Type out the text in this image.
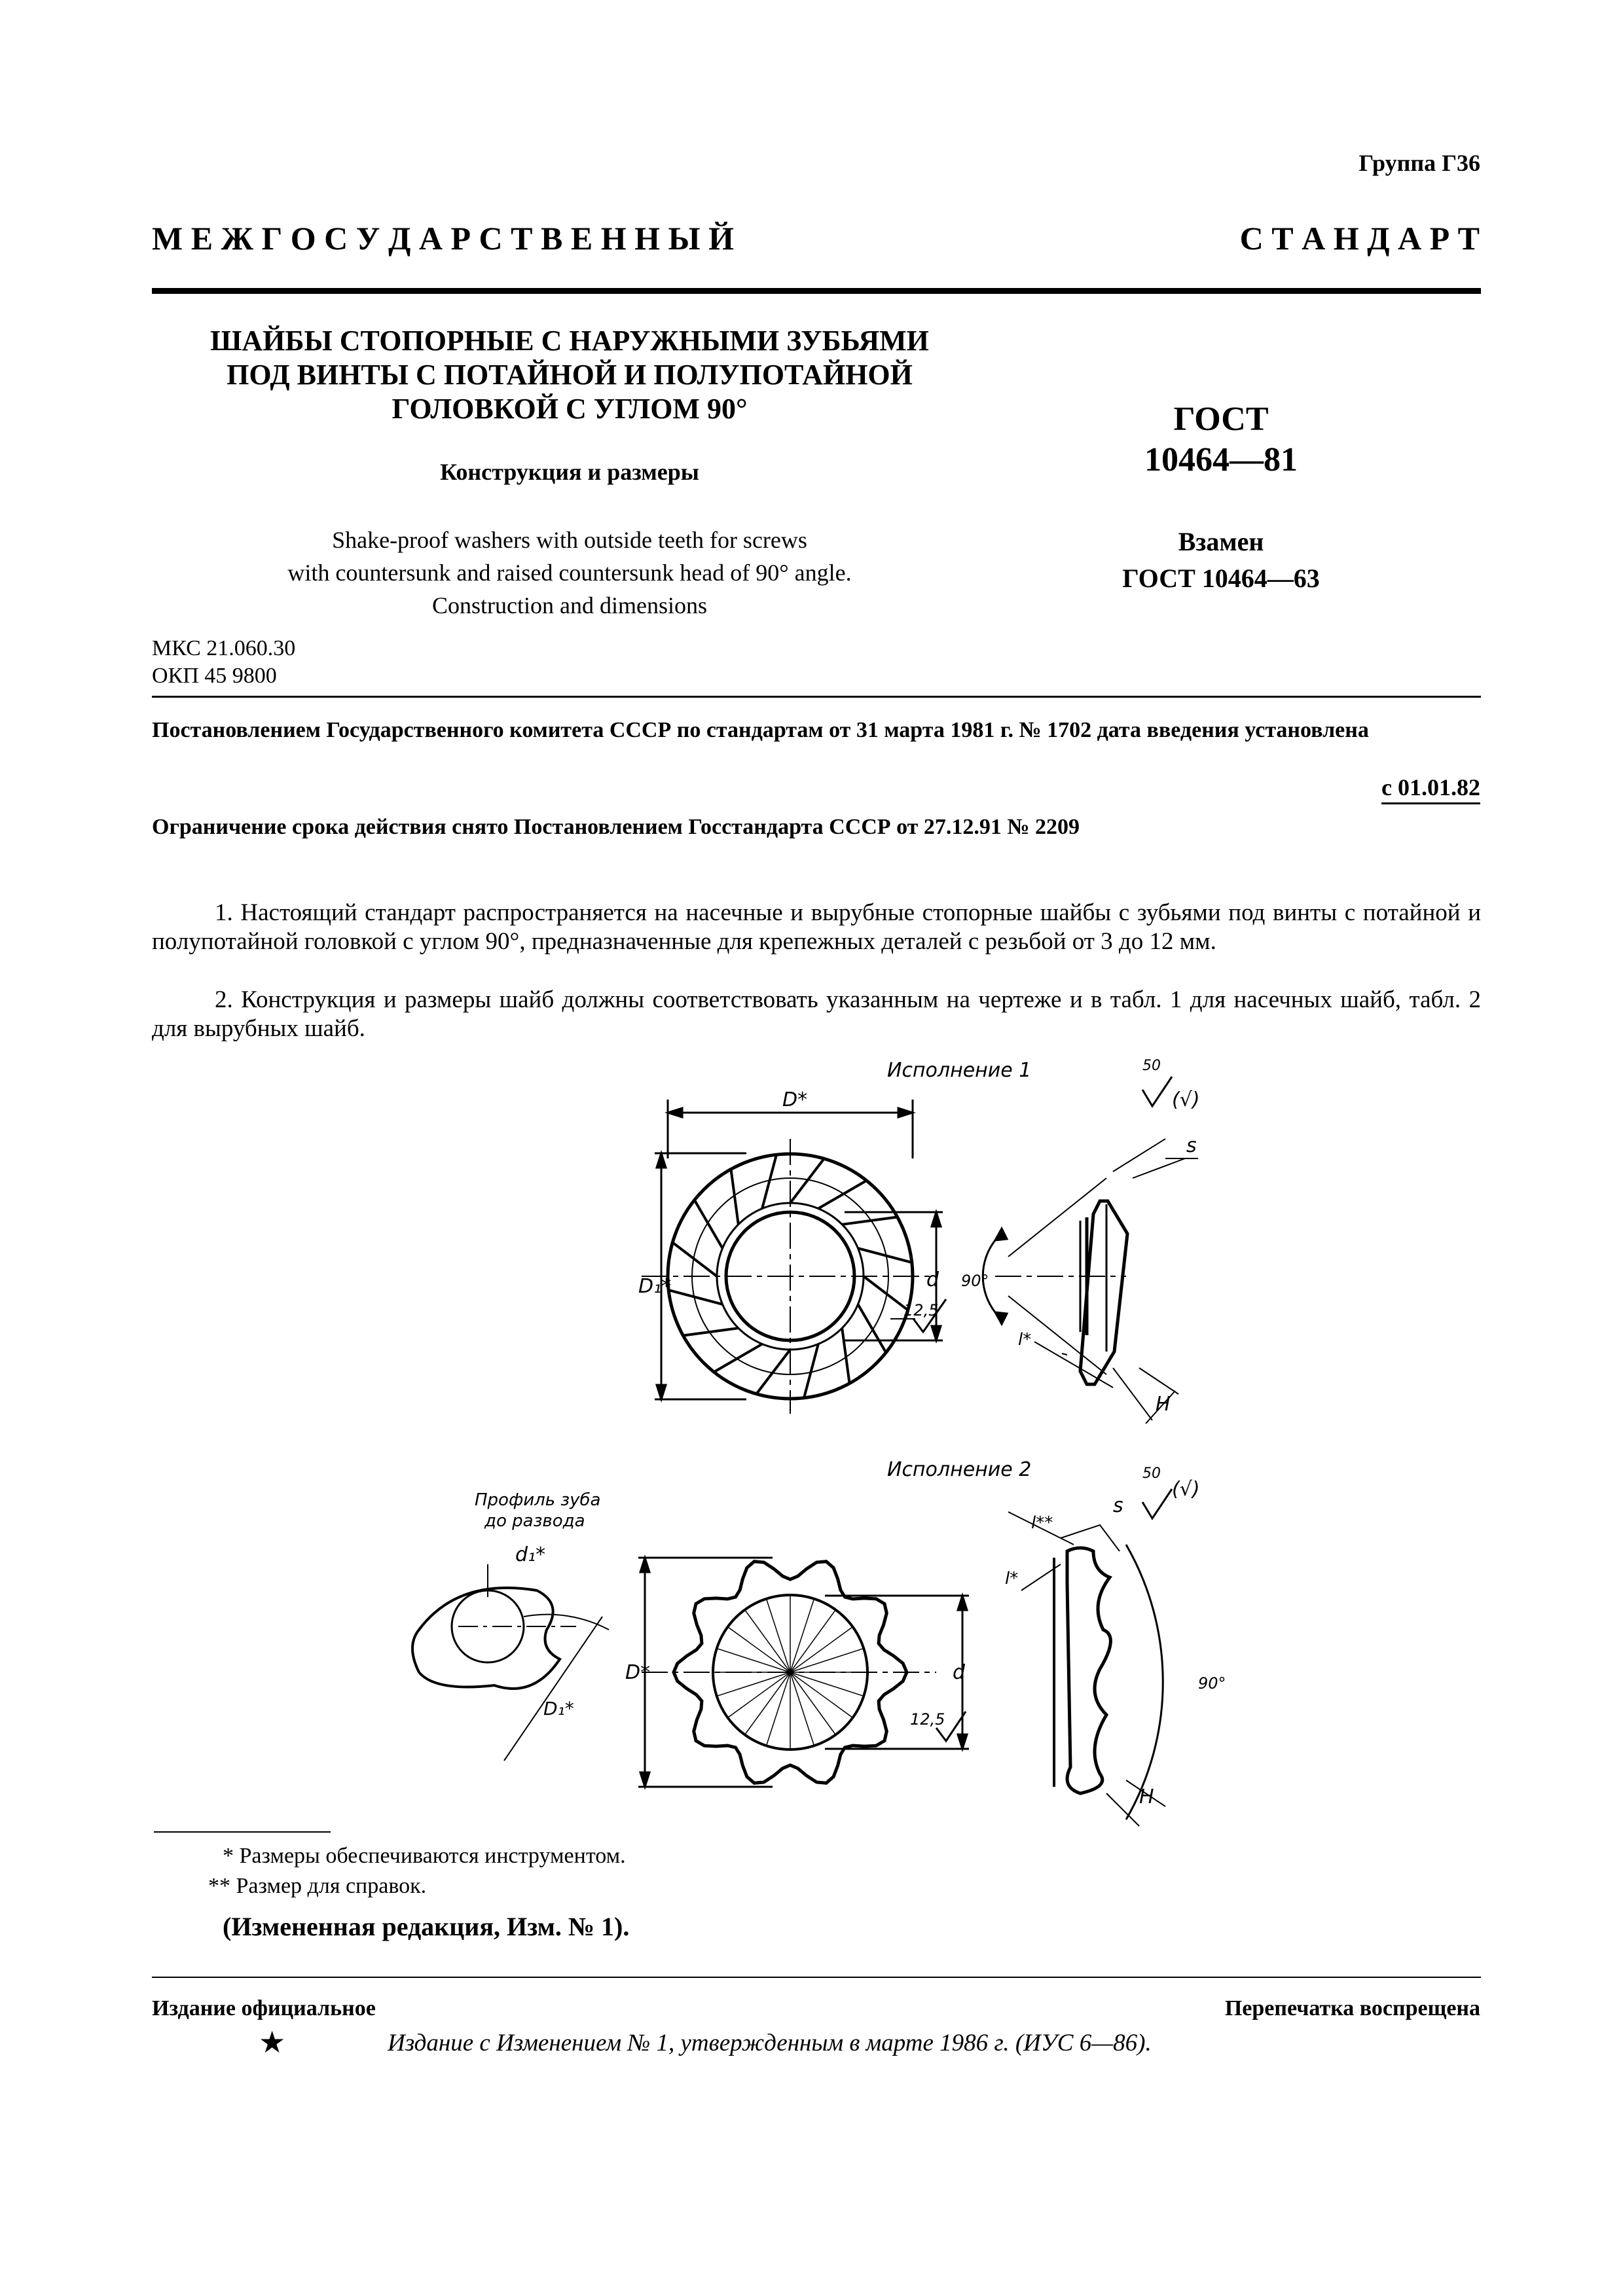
Группа Г36
М Е Ж Г О С У Д А Р С Т В Е Н Н Ы Й	С Т А Н Д А Р Т
ШАЙБЫ СТОПОРНЫЕ С НАРУЖНЫМИ ЗУБЬЯМИ
ПОД ВИНТЫ С ПОТАЙНОЙ И ПОЛУПОТАЙНОЙ
ГОЛОВКОЙ С УГЛОМ 90°
Конструкция и размеры
Shake-proof washers with outside teeth for screws
with countersunk and raised countersunk head of 90° angle.
Construction and dimensions
ГОСТ
10464—81
Взамен
ГОСТ 10464—63
МКС 21.060.30
ОКП 45 9800
Постановлением Государственного комитета СССР по стандартам от 31 марта 1981 г. № 1702 дата введения установлена
с 01.01.82
Ограничение срока действия снято Постановлением Госстандарта СССР от 27.12.91 № 2209
1. Настоящий стандарт распространяется на насечные и вырубные стопорные шайбы с зубьями под винты с потайной и полупотайной головкой с углом 90°, предназначенные для крепежных деталей с резьбой от 3 до 12 мм.
2. Конструкция и размеры шайб должны соответствовать указанным на чертеже и в табл. 1 для насечных шайб, табл. 2 для вырубных шайб.
Исполнение 1
D*
D₁*	d 90°
12,5
50
(√)
s
H
l*
Исполнение 2
Профиль зуба
до развода
d₁*
D₁*
D*	d
12,5
50
(√)
s
l**
l*
H
90°
* Размеры обеспечиваются инструментом.
** Размер для справок.
(Измененная редакция, Изм. № 1).
Издание официальное	Перепечатка воспрещена
★	Издание с Изменением № 1, утвержденным в марте 1986 г. (ИУС 6—86).
